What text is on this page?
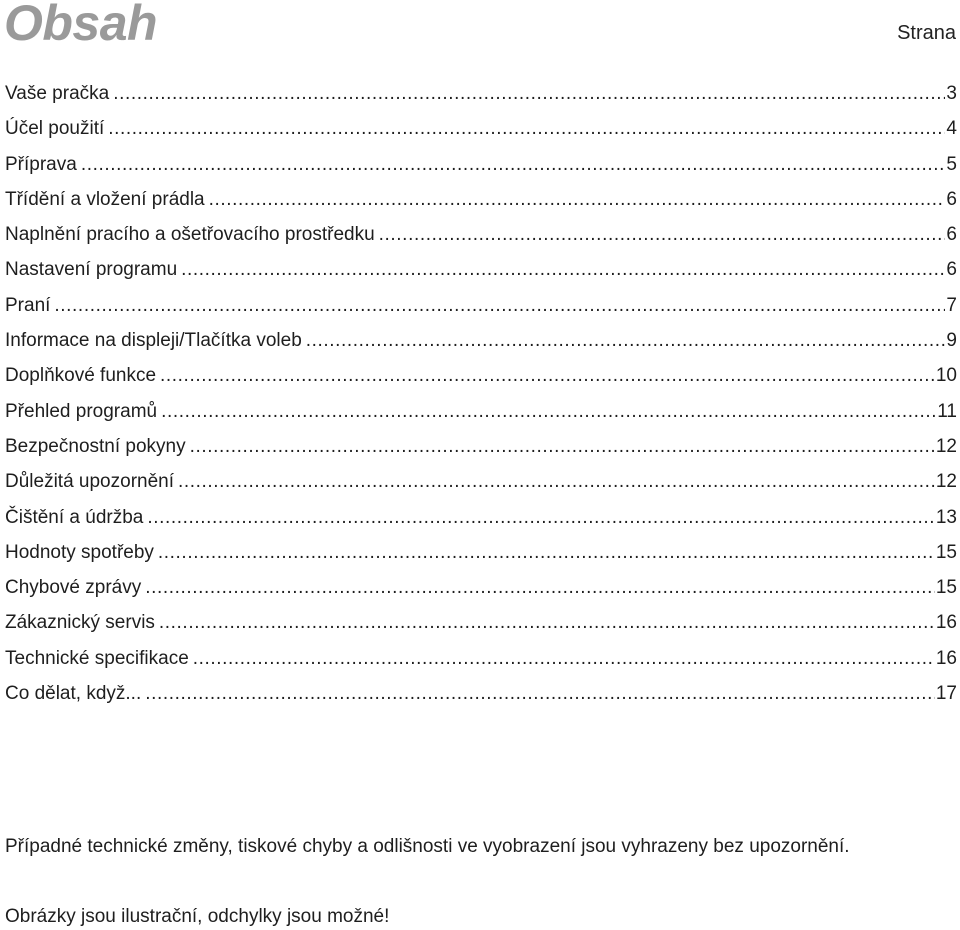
Obsah	Strana
Vaše pračka .....	3
Účel použití .....	4
Příprava .....	5
Třídění a vložení prádla .....	6
Naplnění pracího a ošetřovacího prostředku .....	6
Nastavení programu .....	6
Praní .....	7
Informace na displeji/Tlačítka voleb .....	9
Doplňkové funkce .....	10
Přehled programů .....	11
Bezpečnostní pokyny .....	12
Důležitá upozornění .....	12
Čištění a údržba .....	13
Hodnoty spotřeby .....	15
Chybové zprávy .....	15
Zákaznický servis .....	16
Technické specifikace .....	16
Co dělat, když... .....	17
Případné technické změny, tiskové chyby a odlišnosti ve vyobrazení jsou vyhrazeny bez upozornění.
Obrázky jsou ilustrační, odchylky jsou možné!
